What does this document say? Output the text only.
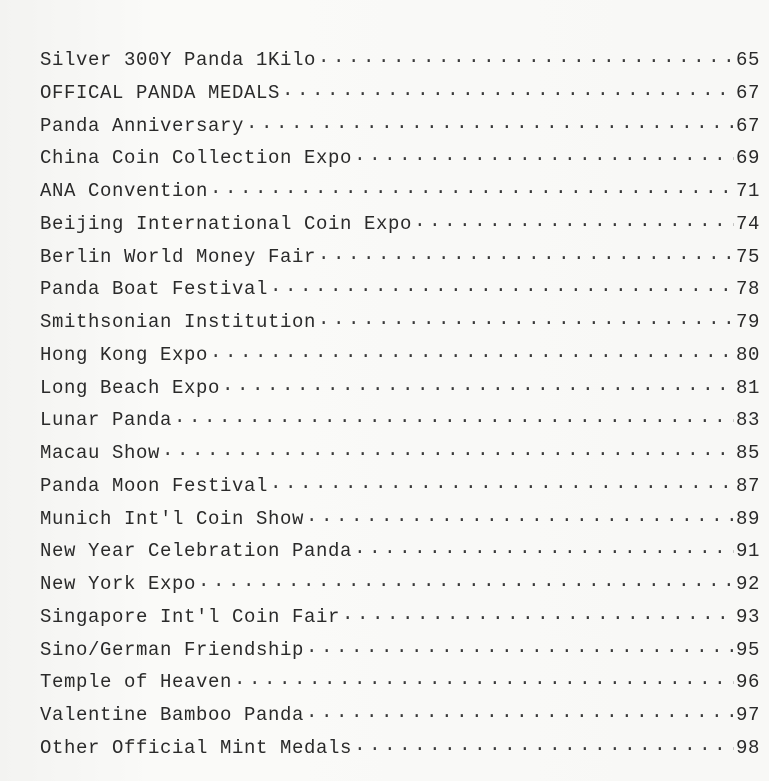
Silver 300Y Panda 1Kilo .....	65
OFFICAL PANDA MEDALS .....	67
Panda Anniversary .....	67
China Coin Collection Expo .....	69
ANA Convention .....	71
Beijing International Coin Expo .....	74
Berlin World Money Fair .....	75
Panda Boat Festival .....	78
Smithsonian Institution .....	79
Hong Kong Expo .....	80
Long Beach Expo .....	81
Lunar Panda .....	83
Macau Show .....	85
Panda Moon Festival .....	87
Munich Int'l Coin Show .....	89
New Year Celebration Panda .....	91
New York Expo .....	92
Singapore Int'l Coin Fair .....	93
Sino/German Friendship .....	95
Temple of Heaven .....	96
Valentine Bamboo Panda .....	97
Other Official Mint Medals .....	98
